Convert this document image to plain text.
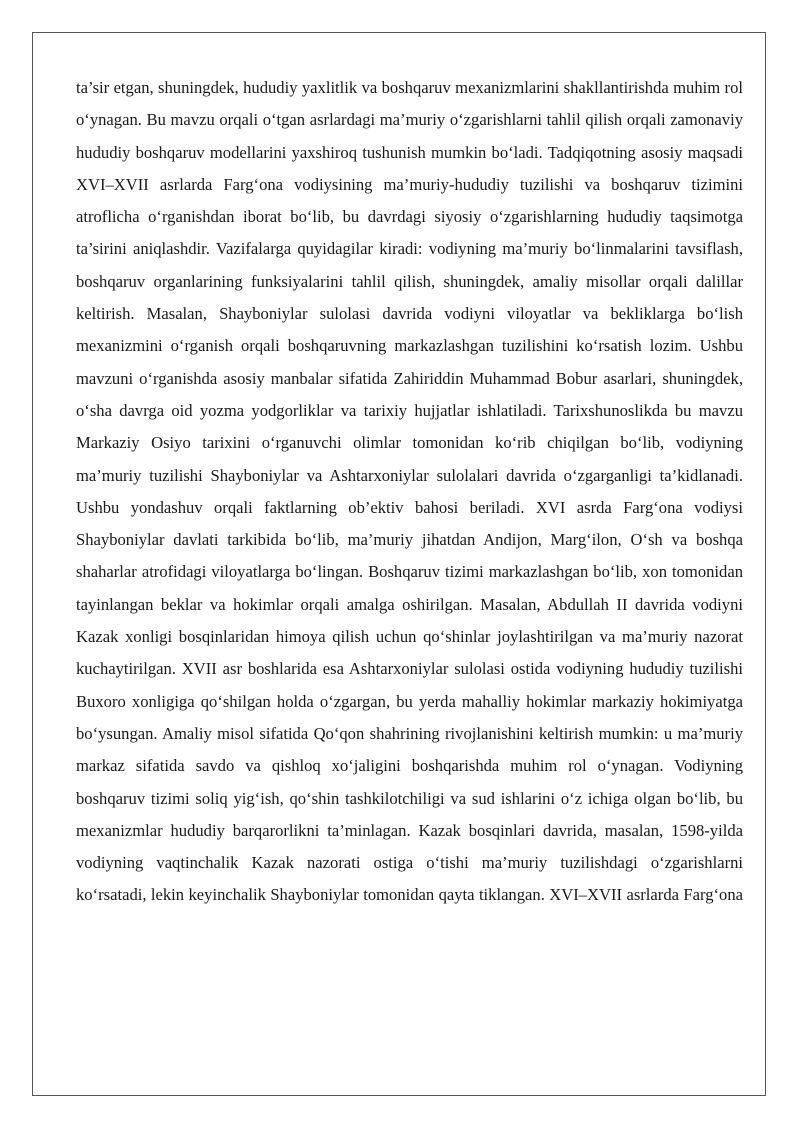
ta’sir etgan, shuningdek, hududiy yaxlitlik va boshqaruv mexanizmlarini shakllantirishda muhim rol o‘ynagan. Bu mavzu orqali o‘tgan asrlardagi ma’muriy o‘zgarishlarni tahlil qilish orqali zamonaviy hududiy boshqaruv modellarini yaxshiroq tushunish mumkin bo‘ladi. Tadqiqotning asosiy maqsadi XVI–XVII asrlarda Farg‘ona vodiysining ma’muriy-hududiy tuzilishi va boshqaruv tizimini atroflicha o‘rganishdan iborat bo‘lib, bu davrdagi siyosiy o‘zgarishlarning hududiy taqsimotga ta’sirini aniqlashdir. Vazifalarga quyidagilar kiradi: vodiyning ma’muriy bo‘linmalarini tavsiflash, boshqaruv organlarining funksiyalarini tahlil qilish, shuningdek, amaliy misollar orqali dalillar keltirish. Masalan, Shayboniylar sulolasi davrida vodiyni viloyatlar va bekliklarga bo‘lish mexanizmini o‘rganish orqali boshqaruvning markazlashgan tuzilishini ko‘rsatish lozim. Ushbu mavzuni o‘rganishda asosiy manbalar sifatida Zahiriddin Muhammad Bobur asarlari, shuningdek, o‘sha davrga oid yozma yodgorliklar va tarixiy hujjatlar ishlatiladi. Tarixshunoslikda bu mavzu Markaziy Osiyo tarixini o‘rganuvchi olimlar tomonidan ko‘rib chiqilgan bo‘lib, vodiyning ma’muriy tuzilishi Shayboniylar va Ashtarxoniylar sulolalari davrida o‘zgarganligi ta’kidlanadi. Ushbu yondashuv orqali faktlarning ob’ektiv bahosi beriladi. XVI asrda Farg‘ona vodiysi Shayboniylar davlati tarkibida bo‘lib, ma’muriy jihatdan Andijon, Marg‘ilon, O‘sh va boshqa shaharlar atrofidagi viloyatlarga bo‘lingan. Boshqaruv tizimi markazlashgan bo‘lib, xon tomonidan tayinlangan beklar va hokimlar orqali amalga oshirilgan. Masalan, Abdullah II davrida vodiyni Kazak xonligi bosqinlaridan himoya qilish uchun qo‘shinlar joylashtirilgan va ma’muriy nazorat kuchaytirilgan. XVII asr boshlarida esa Ashtarxoniylar sulolasi ostida vodiyning hududiy tuzilishi Buxoro xonligiga qo‘shilgan holda o‘zgargan, bu yerda mahalliy hokimlar markaziy hokimiyatga bo‘ysungan. Amaliy misol sifatida Qo‘qon shahrining rivojlanishini keltirish mumkin: u ma’muriy markaz sifatida savdo va qishloq xo‘jaligini boshqarishda muhim rol o‘ynagan. Vodiyning boshqaruv tizimi soliq yig‘ish, qo‘shin tashkilotchiligi va sud ishlarini o‘z ichiga olgan bo‘lib, bu mexanizmlar hududiy barqarorlikni ta’minlagan. Kazak bosqinlari davrida, masalan, 1598-yilda vodiyning vaqtinchalik Kazak nazorati ostiga o‘tishi ma’muriy tuzilishdagi o‘zgarishlarni ko‘rsatadi, lekin keyinchalik Shayboniylar tomonidan qayta tiklangan. XVI–XVII asrlarda Farg‘ona
